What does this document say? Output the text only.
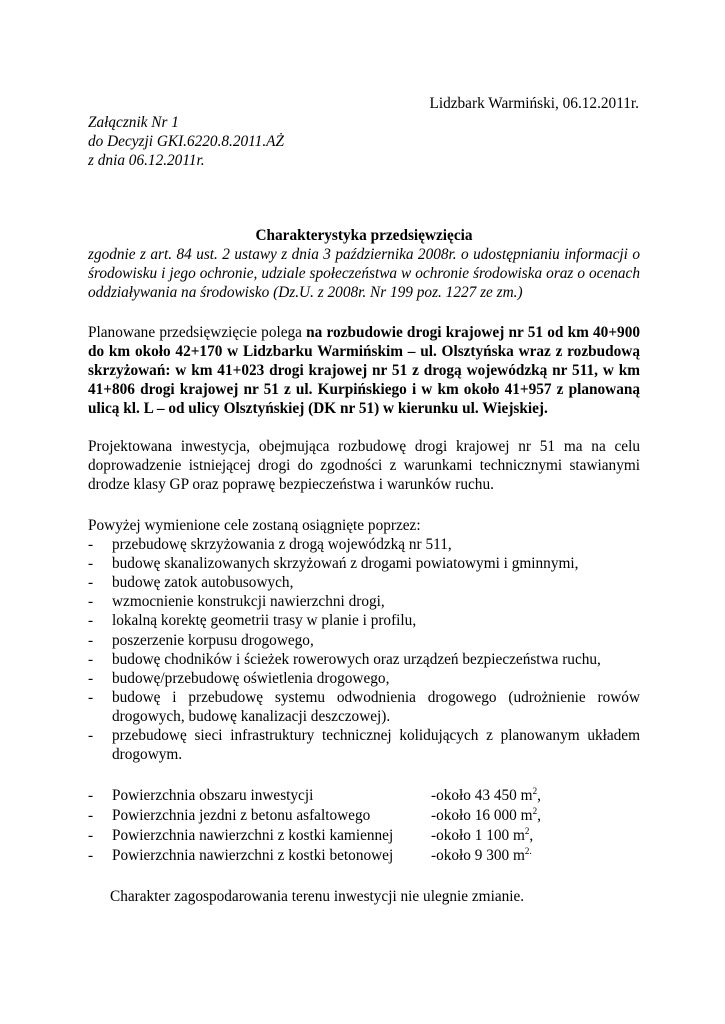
Lidzbark Warmiński, 06.12.2011r.
Załącznik Nr 1
do Decyzji GKI.6220.8.2011.AŻ
z dnia 06.12.2011r.
Charakterystyka przedsięwzięcia
zgodnie z art. 84 ust. 2 ustawy z dnia 3 października 2008r. o udostępnianiu informacji o środowisku i jego ochronie, udziale społeczeństwa w ochronie środowiska oraz o ocenach oddziaływania na środowisko (Dz.U. z 2008r. Nr 199 poz. 1227 ze zm.)
Planowane przedsięwzięcie polega na rozbudowie drogi krajowej nr 51 od km 40+900 do km około 42+170 w Lidzbarku Warmińskim – ul. Olsztyńska wraz z rozbudową skrzyżowań: w km 41+023 drogi krajowej nr 51 z drogą wojewódzką nr 511, w km 41+806 drogi krajowej nr 51 z ul. Kurpińskiego i w km około 41+957 z planowaną ulicą kl. L – od ulicy Olsztyńskiej (DK nr 51) w kierunku ul. Wiejskiej.
Projektowana inwestycja, obejmująca rozbudowę drogi krajowej nr 51 ma na celu doprowadzenie istniejącej drogi do zgodności z warunkami technicznymi stawianymi drodze klasy GP oraz poprawę bezpieczeństwa i warunków ruchu.
Powyżej wymienione cele zostaną osiągnięte poprzez:
- przebudowę skrzyżowania z drogą wojewódzką nr 511,
- budowę skanalizowanych skrzyżowań z drogami powiatowymi i gminnymi,
- budowę zatok autobusowych,
- wzmocnienie konstrukcji nawierzchni drogi,
- lokalną korektę geometrii trasy w planie i profilu,
- poszerzenie korpusu drogowego,
- budowę chodników i ścieżek rowerowych oraz urządzeń bezpieczeństwa ruchu,
- budowę/przebudowę oświetlenia drogowego,
- budowę i przebudowę systemu odwodnienia drogowego (udrożnienie rowów drogowych, budowę kanalizacji deszczowej).
- przebudowę sieci infrastruktury technicznej kolidujących z planowanym układem drogowym.
- Powierzchnia obszaru inwestycji	-około 43 450 $m^2$,
- Powierzchnia jezdni z betonu asfaltowego	-około 16 000 $m^2$,
- Powierzchnia nawierzchni z kostki kamiennej -około 1 100 $m^2$,
- Powierzchnia nawierzchni z kostki betonowej -około 9 300 $m^{2.}$
Charakter zagospodarowania terenu inwestycji nie ulegnie zmianie.
